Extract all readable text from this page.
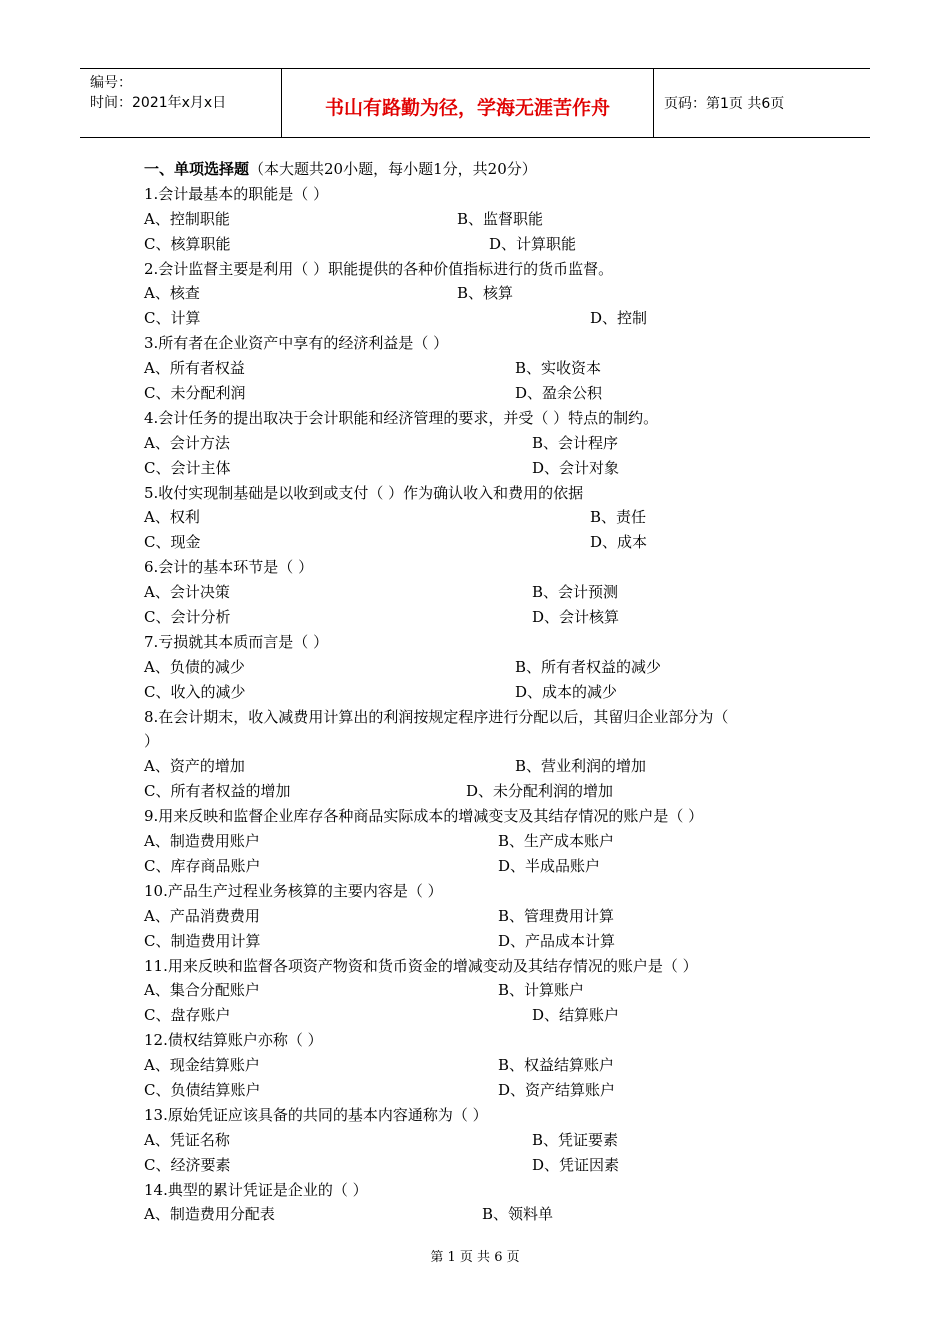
编号：
时间：2021年x月x日	书山有路勤为径，学海无涯苦作舟	页码：第1页 共6页
一、单项选择题（本大题共20小题，每小题1分，共20分）
1.会计最基本的职能是（ ）
A、控制职能	B、监督职能
C、核算职能	D、计算职能
2.会计监督主要是利用（ ）职能提供的各种价值指标进行的货币监督。
A、核查	B、核算
C、计算	D、控制
3.所有者在企业资产中享有的经济利益是（ ）
A、所有者权益	B、实收资本
C、未分配利润	D、盈余公积
4.会计任务的提出取决于会计职能和经济管理的要求，并受（ ）特点的制约。
A、会计方法	B、会计程序
C、会计主体	D、会计对象
5.收付实现制基础是以收到或支付（ ）作为确认收入和费用的依据
A、权利	B、责任
C、现金	D、成本
6.会计的基本环节是（ ）
A、会计决策	B、会计预测
C、会计分析	D、会计核算
7.亏损就其本质而言是（ ）
A、负债的减少	B、所有者权益的减少
C、收入的减少	D、成本的减少
8.在会计期末，收入减费用计算出的利润按规定程序进行分配以后，其留归企业部分为（
）
A、资产的增加	B、营业利润的增加
C、所有者权益的增加	D、未分配利润的增加
9.用来反映和监督企业库存各种商品实际成本的增减变支及其结存情况的账户是（ ）
A、制造费用账户	B、生产成本账户
C、库存商品账户	D、半成品账户
10.产品生产过程业务核算的主要内容是（ ）
A、产品消费费用	B、管理费用计算
C、制造费用计算	D、产品成本计算
11.用来反映和监督各项资产物资和货币资金的增减变动及其结存情况的账户是（ ）
A、集合分配账户	B、计算账户
C、盘存账户	D、结算账户
12.债权结算账户亦称（ ）
A、现金结算账户	B、权益结算账户
C、负债结算账户	D、资产结算账户
13.原始凭证应该具备的共同的基本内容通称为（ ）
A、凭证名称	B、凭证要素
C、经济要素	D、凭证因素
14.典型的累计凭证是企业的（ ）
A、制造费用分配表	B、领料单
第 1 页 共 6 页
